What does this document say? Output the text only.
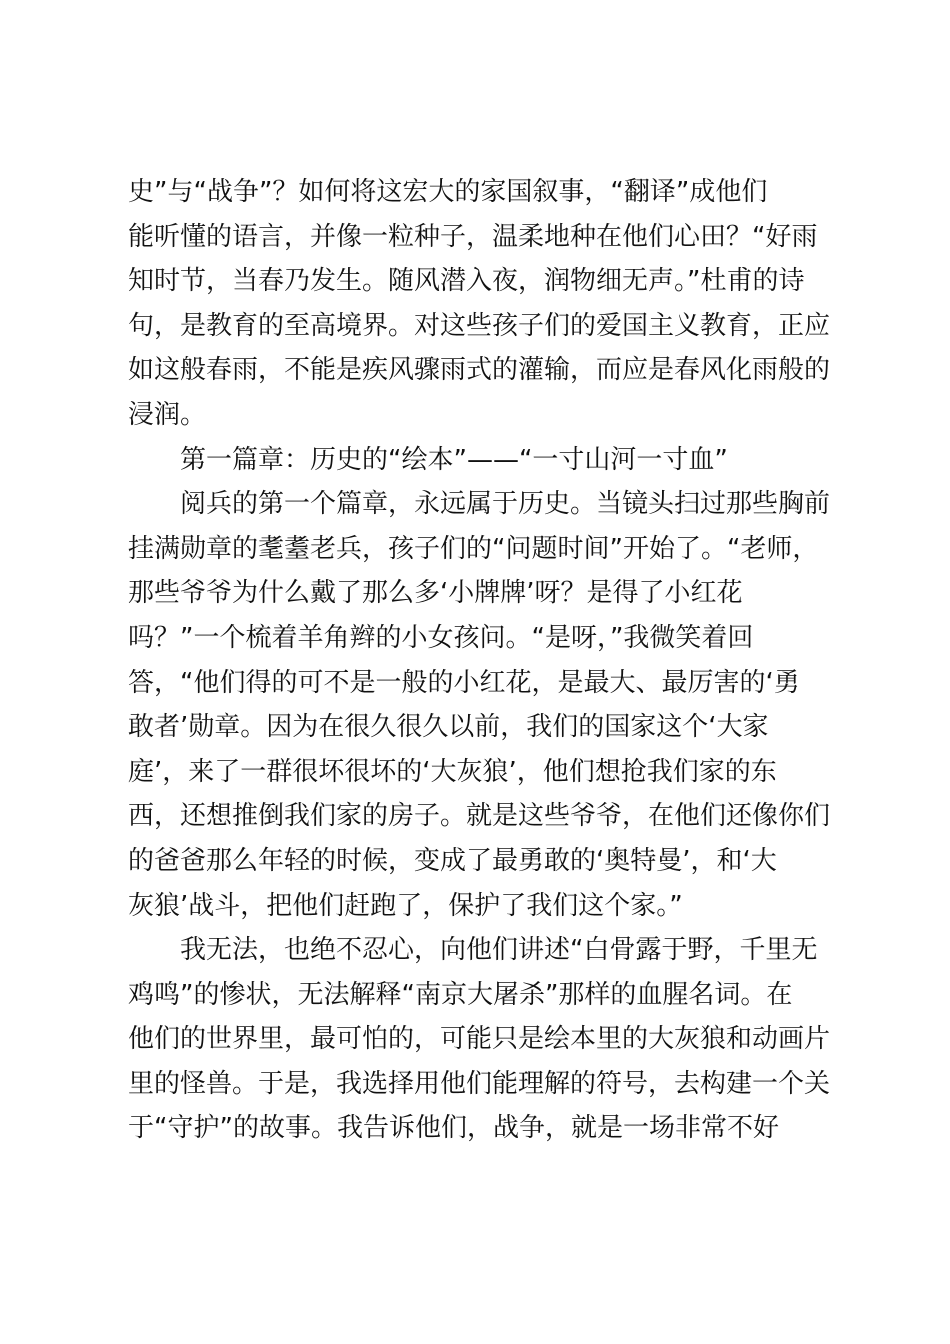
史”与“战争”？如何将这宏大的家国叙事，“翻译”成他们
能听懂的语言，并像一粒种子，温柔地种在他们心田？“好雨
知时节，当春乃发生。随风潜入夜，润物细无声。”杜甫的诗
句，是教育的至高境界。对这些孩子们的爱国主义教育，正应
如这般春雨，不能是疾风骤雨式的灌输，而应是春风化雨般的
浸润。
　　第一篇章：历史的“绘本”——“一寸山河一寸血”
　　阅兵的第一个篇章，永远属于历史。当镜头扫过那些胸前
挂满勋章的耄耋老兵，孩子们的“问题时间”开始了。“老师，
那些爷爷为什么戴了那么多‘小牌牌’呀？是得了小红花
吗？”一个梳着羊角辫的小女孩问。“是呀，”我微笑着回
答，“他们得的可不是一般的小红花，是最大、最厉害的‘勇
敢者’勋章。因为在很久很久以前，我们的国家这个‘大家
庭’，来了一群很坏很坏的‘大灰狼’，他们想抢我们家的东
西，还想推倒我们家的房子。就是这些爷爷，在他们还像你们
的爸爸那么年轻的时候，变成了最勇敢的‘奥特曼’，和‘大
灰狼’战斗，把他们赶跑了，保护了我们这个家。”
　　我无法，也绝不忍心，向他们讲述“白骨露于野，千里无
鸡鸣”的惨状，无法解释“南京大屠杀”那样的血腥名词。在
他们的世界里，最可怕的，可能只是绘本里的大灰狼和动画片
里的怪兽。于是，我选择用他们能理解的符号，去构建一个关
于“守护”的故事。我告诉他们，战争，就是一场非常不好
